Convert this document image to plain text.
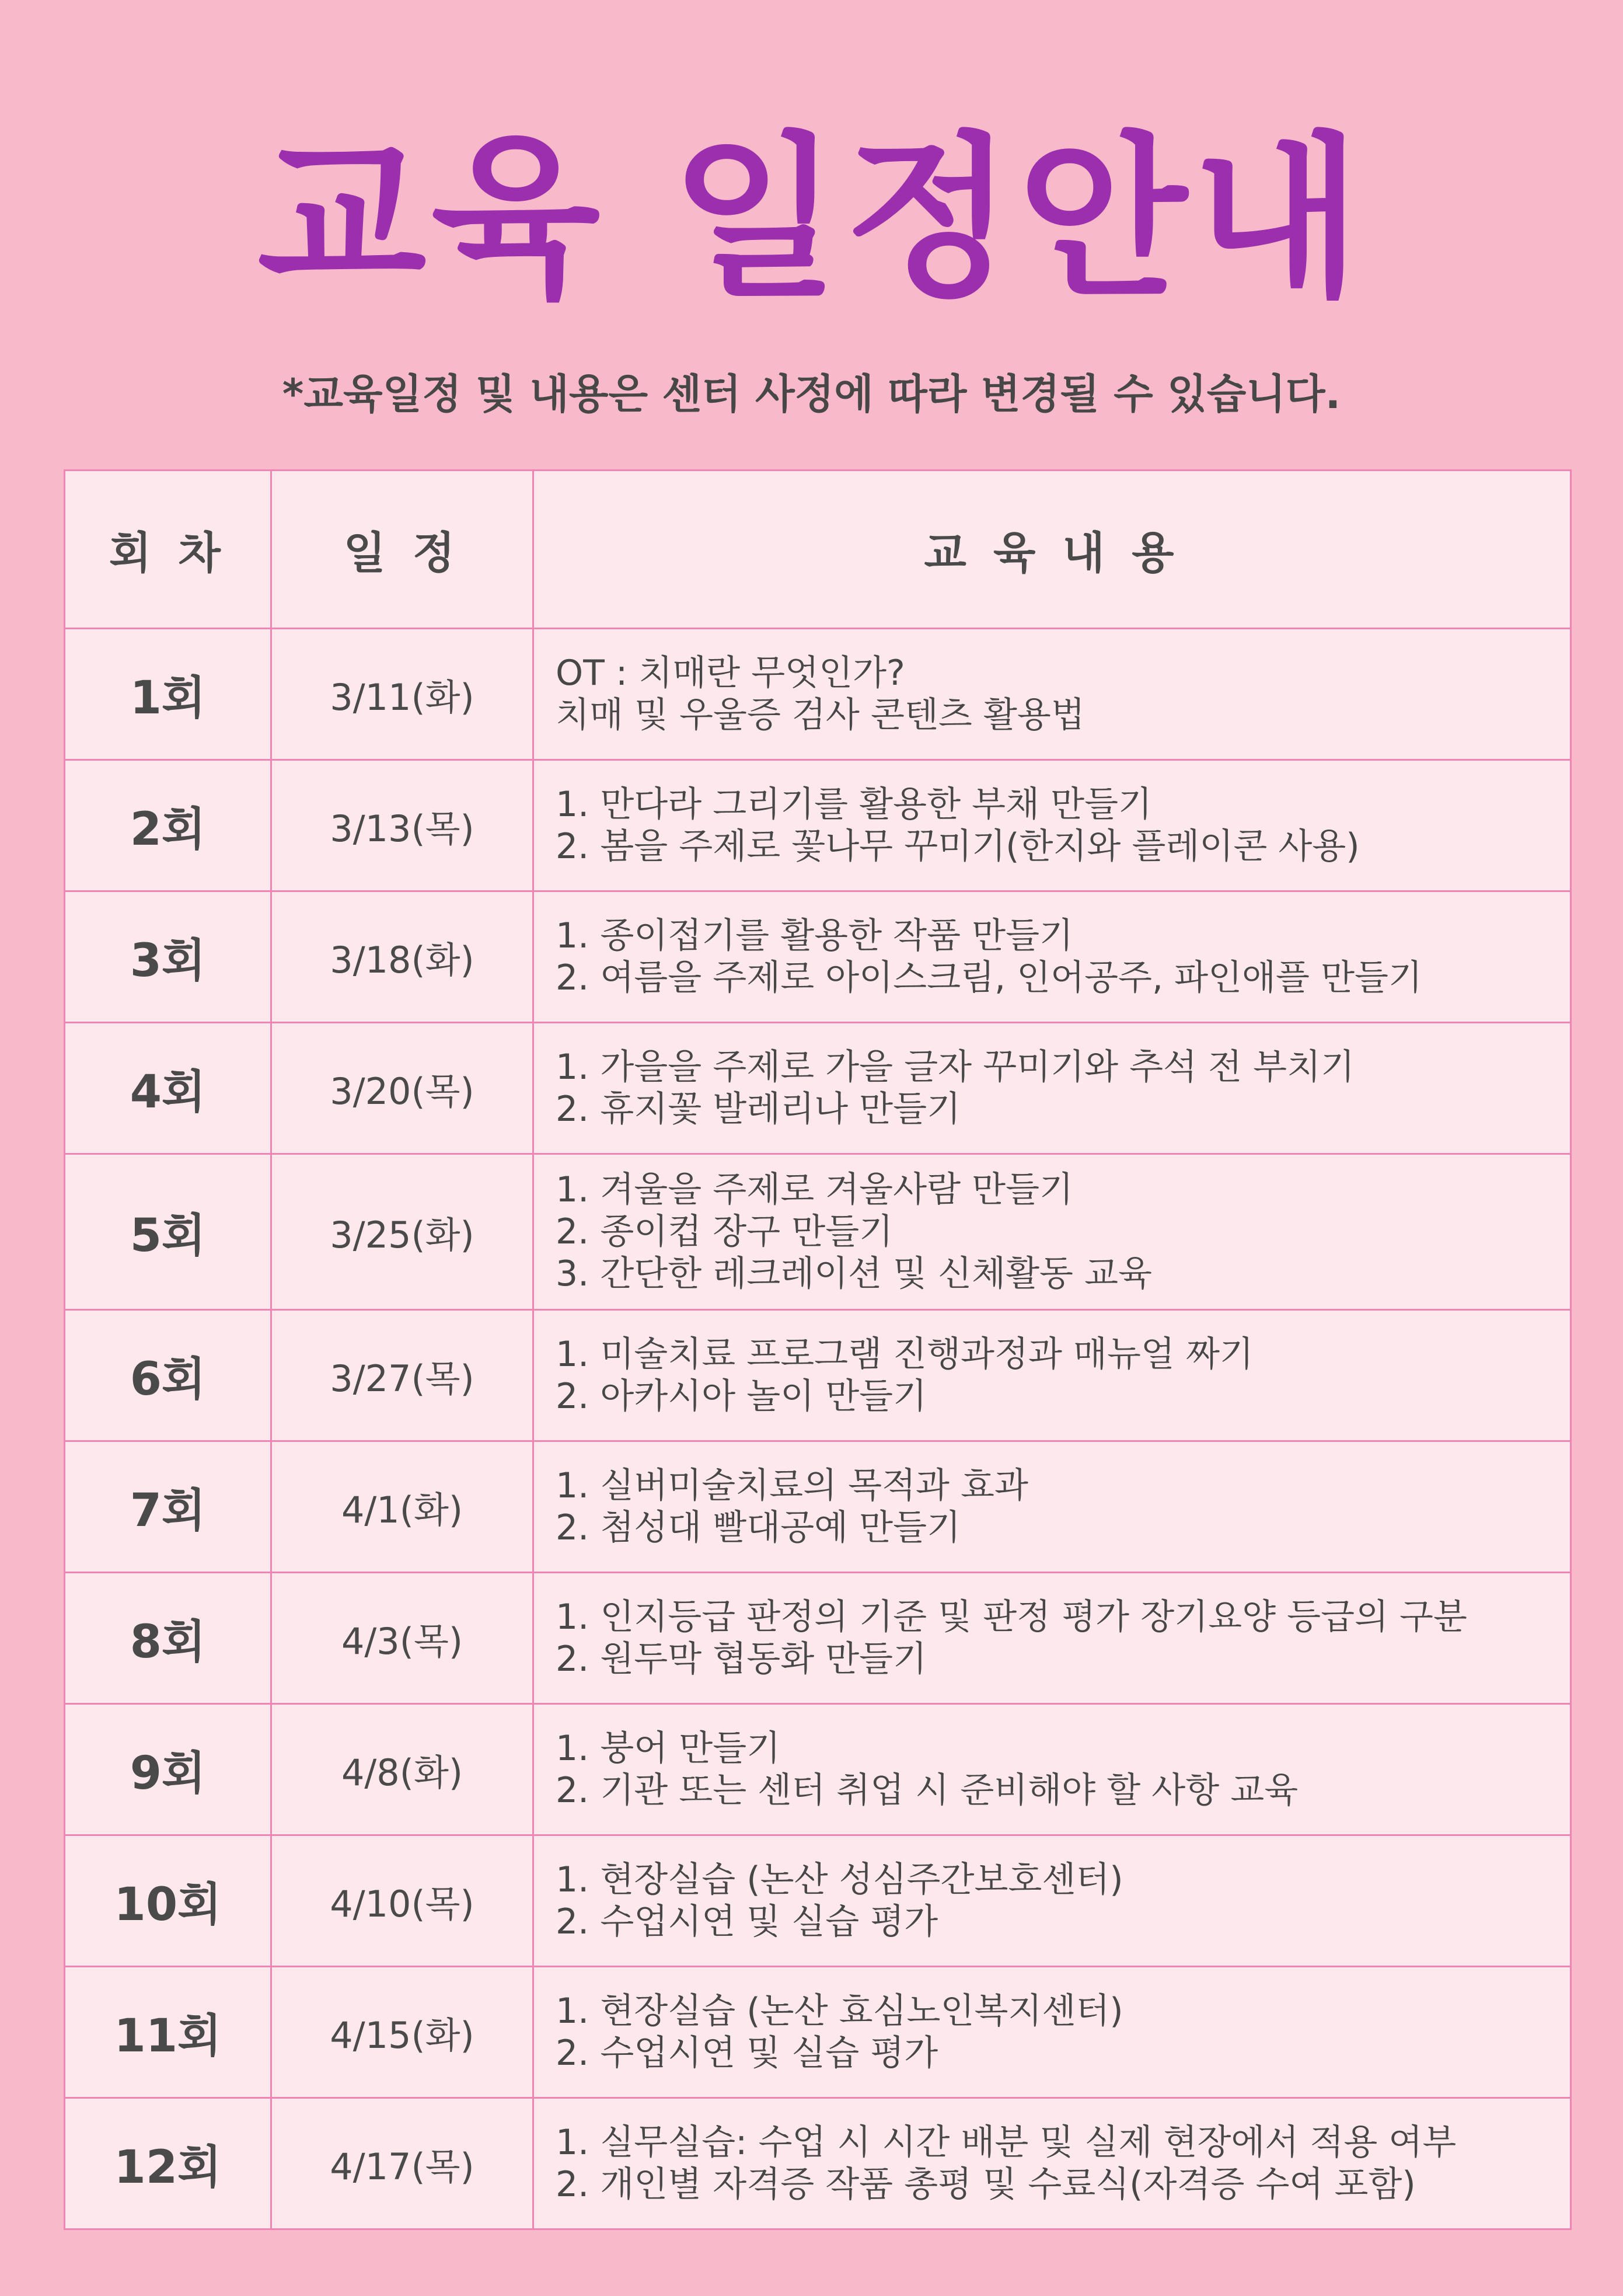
교육 일정안내
*교육일정 및 내용은 센터 사정에 따라 변경될 수 있습니다.
회 차	일 정	교 육 내 용
1회	3/11(화)	OT : 치매란 무엇인가?
치매 및 우울증 검사 콘텐츠 활용법

2회	3/13(목)	1. 만다라 그리기를 활용한 부채 만들기
2. 봄을 주제로 꽃나무 꾸미기(한지와 플레이콘 사용)

3회	3/18(화)	1. 종이접기를 활용한 작품 만들기
2. 여름을 주제로 아이스크림, 인어공주, 파인애플 만들기

4회	3/20(목)	1. 가을을 주제로 가을 글자 꾸미기와 추석 전 부치기
2. 휴지꽃 발레리나 만들기

5회	3/25(화)	1. 겨울을 주제로 겨울사람 만들기
2. 종이컵 장구 만들기
3. 간단한 레크레이션 및 신체활동 교육

6회	3/27(목)	1. 미술치료 프로그램 진행과정과 매뉴얼 짜기
2. 아카시아 놀이 만들기

7회	4/1(화)	1. 실버미술치료의 목적과 효과
2. 첨성대 빨대공예 만들기

8회	4/3(목)	1. 인지등급 판정의 기준 및 판정 평가 장기요양 등급의 구분
2. 원두막 협동화 만들기

9회	4/8(화)	1. 붕어 만들기
2. 기관 또는 센터 취업 시 준비해야 할 사항 교육

10회	4/10(목)	1. 현장실습 (논산 성심주간보호센터)
2. 수업시연 및 실습 평가

11회	4/15(화)	1. 현장실습 (논산 효심노인복지센터)
2. 수업시연 및 실습 평가

12회	4/17(목)	1. 실무실습: 수업 시 시간 배분 및 실제 현장에서 적용 여부
2. 개인별 자격증 작품 총평 및 수료식(자격증 수여 포함)
